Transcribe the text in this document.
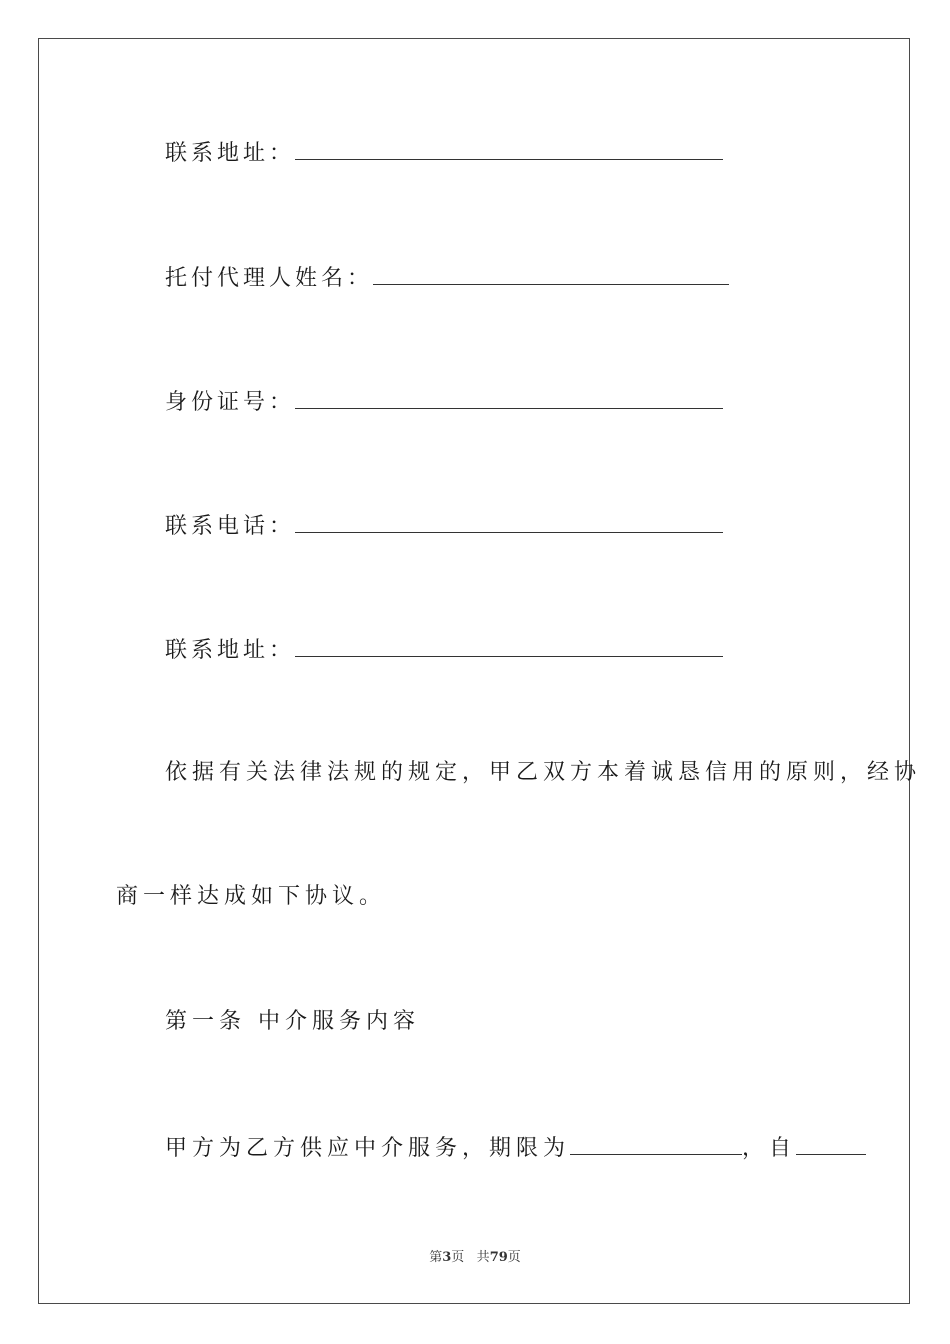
联系地址：
托付代理人姓名：
身份证号：
联系电话：
联系地址：
依据有关法律法规的规定，甲乙双方本着诚恳信用的原则，经协
商一样达成如下协议。
第一条 中介服务内容
甲方为乙方供应中介服务，期限为	，自
第3页 共79页
